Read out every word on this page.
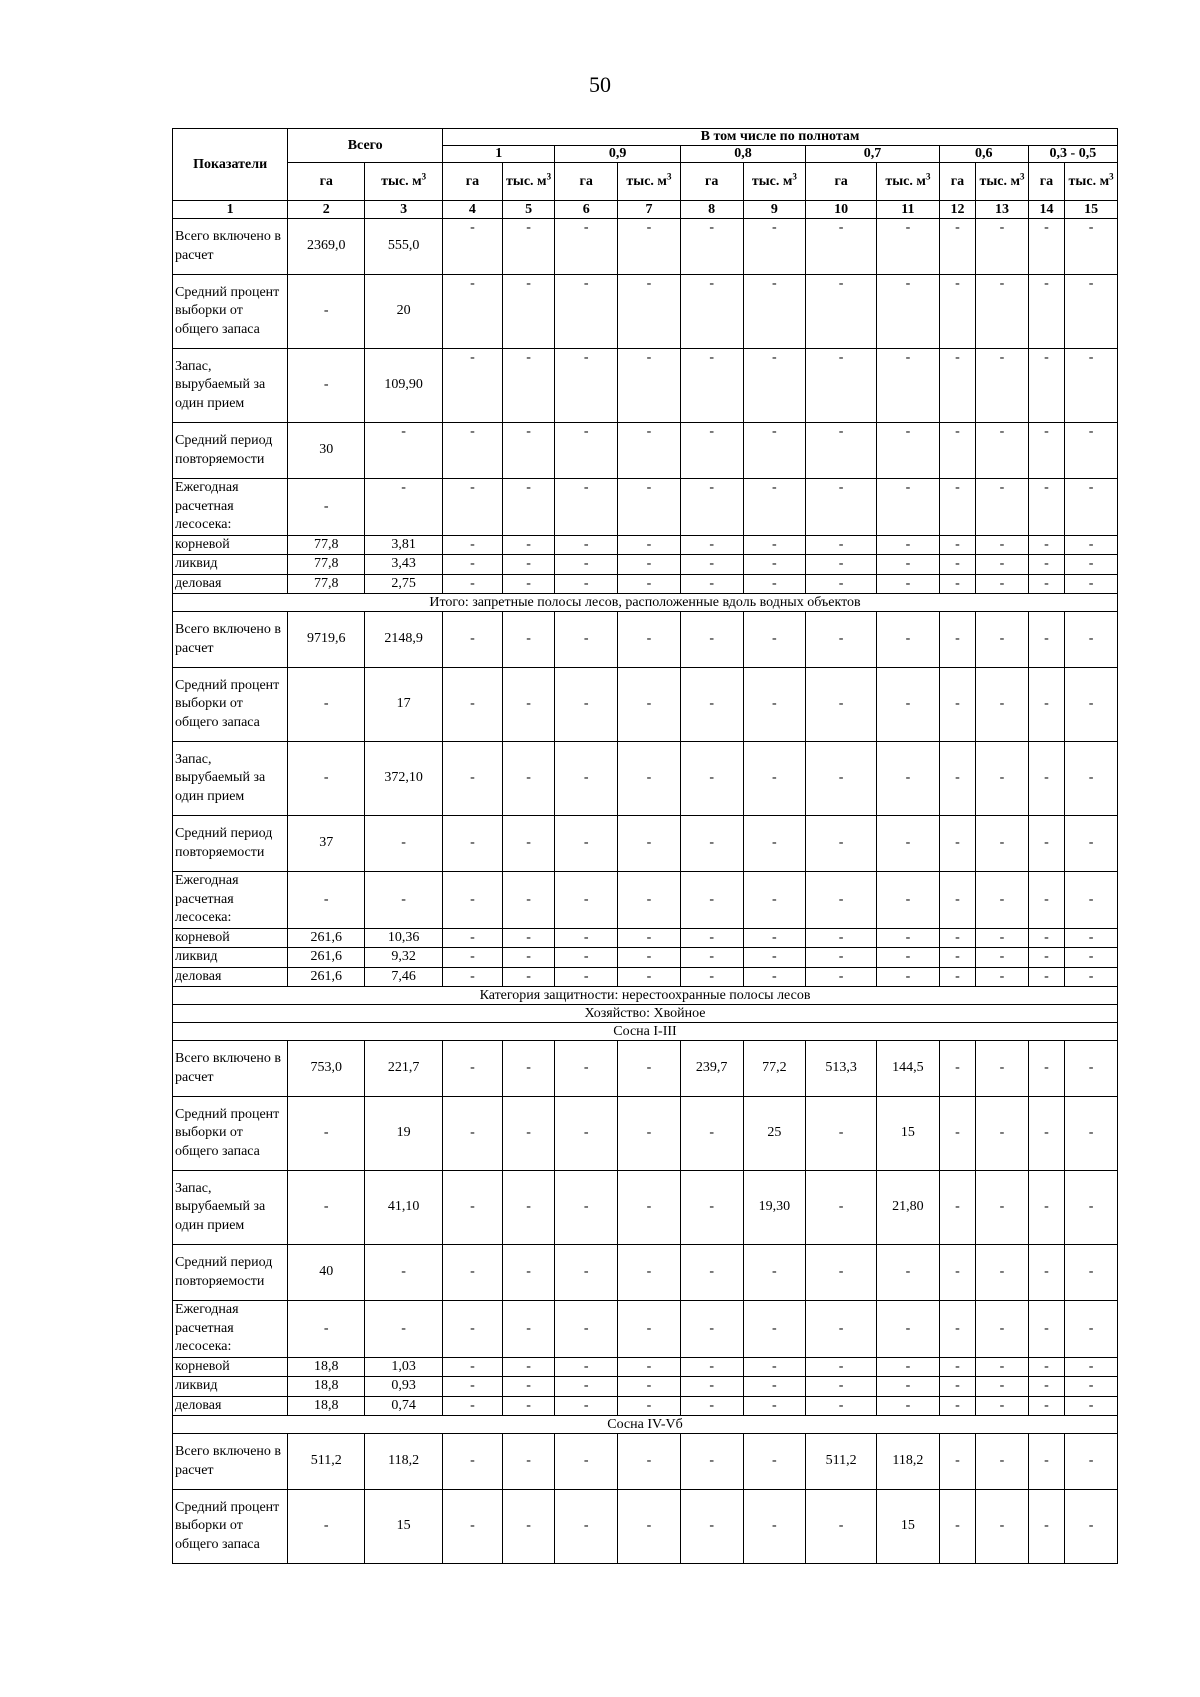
50
Показатели	Всего		В том числе по полнотам											
			1		0,9		0,8		0,7		0,6		0,3 - 0,5	
	га	тыс. $м^3$	га	тыс. $м^3$	га	тыс. $м^3$	га	тыс. $м^3$	га	тыс. $м^3$	га	тыс. $м^3$	га	тыс. $м^3$
1	2	3	4	5	6	7	8	9	10	11	12	13	14	15
Всего включено в расчет	2369,0	555,0	-	-	-	-	-	-	-	-	-	-	-	-
Средний процент выборки от общего запаса	-	20	-	-	-	-	-	-	-	-	-	-	-	-
Запас, вырубаемый за один прием	-	109,90	-	-	-	-	-	-	-	-	-	-	-	-
Средний период повторяемости	30	-	-	-	-	-	-	-	-	-	-	-	-	-
Ежегодная расчетная лесосека:	-	-	-	-	-	-	-	-	-	-	-	-	-	-
корневой	77,8	3,81	-	-	-	-	-	-	-	-	-	-	-	-
ликвид	77,8	3,43	-	-	-	-	-	-	-	-	-	-	-	-
деловая	77,8	2,75	-	-	-	-	-	-	-	-	-	-	-	-
Итого: запретные полосы лесов, расположенные вдоль водных объектов														
Всего включено в расчет	9719,6	2148,9	-	-	-	-	-	-	-	-	-	-	-	-
Средний процент выборки от общего запаса	-	17	-	-	-	-	-	-	-	-	-	-	-	-
Запас, вырубаемый за один прием	-	372,10	-	-	-	-	-	-	-	-	-	-	-	-
Средний период повторяемости	37	-	-	-	-	-	-	-	-	-	-	-	-	-
Ежегодная расчетная лесосека:	-	-	-	-	-	-	-	-	-	-	-	-	-	-
корневой	261,6	10,36	-	-	-	-	-	-	-	-	-	-	-	-
ликвид	261,6	9,32	-	-	-	-	-	-	-	-	-	-	-	-
деловая	261,6	7,46	-	-	-	-	-	-	-	-	-	-	-	-
Категория защитности: нерестоохранные полосы лесов														
Хозяйство: Хвойное														
Сосна I-III														
Всего включено в расчет	753,0	221,7	-	-	-	-	239,7	77,2	513,3	144,5	-	-	-	-
Средний процент выборки от общего запаса	-	19	-	-	-	-	-	25	-	15	-	-	-	-
Запас, вырубаемый за один прием	-	41,10	-	-	-	-	-	19,30	-	21,80	-	-	-	-
Средний период повторяемости	40	-	-	-	-	-	-	-	-	-	-	-	-	-
Ежегодная расчетная лесосека:	-	-	-	-	-	-	-	-	-	-	-	-	-	-
корневой	18,8	1,03	-	-	-	-	-	-	-	-	-	-	-	-
ликвид	18,8	0,93	-	-	-	-	-	-	-	-	-	-	-	-
деловая	18,8	0,74	-	-	-	-	-	-	-	-	-	-	-	-
Сосна IV-Vб														
Всего включено в расчет	511,2	118,2	-	-	-	-	-	-	511,2	118,2	-	-	-	-
Средний процент выборки от общего запаса	-	15	-	-	-	-	-	-	-	15	-	-	-	-
